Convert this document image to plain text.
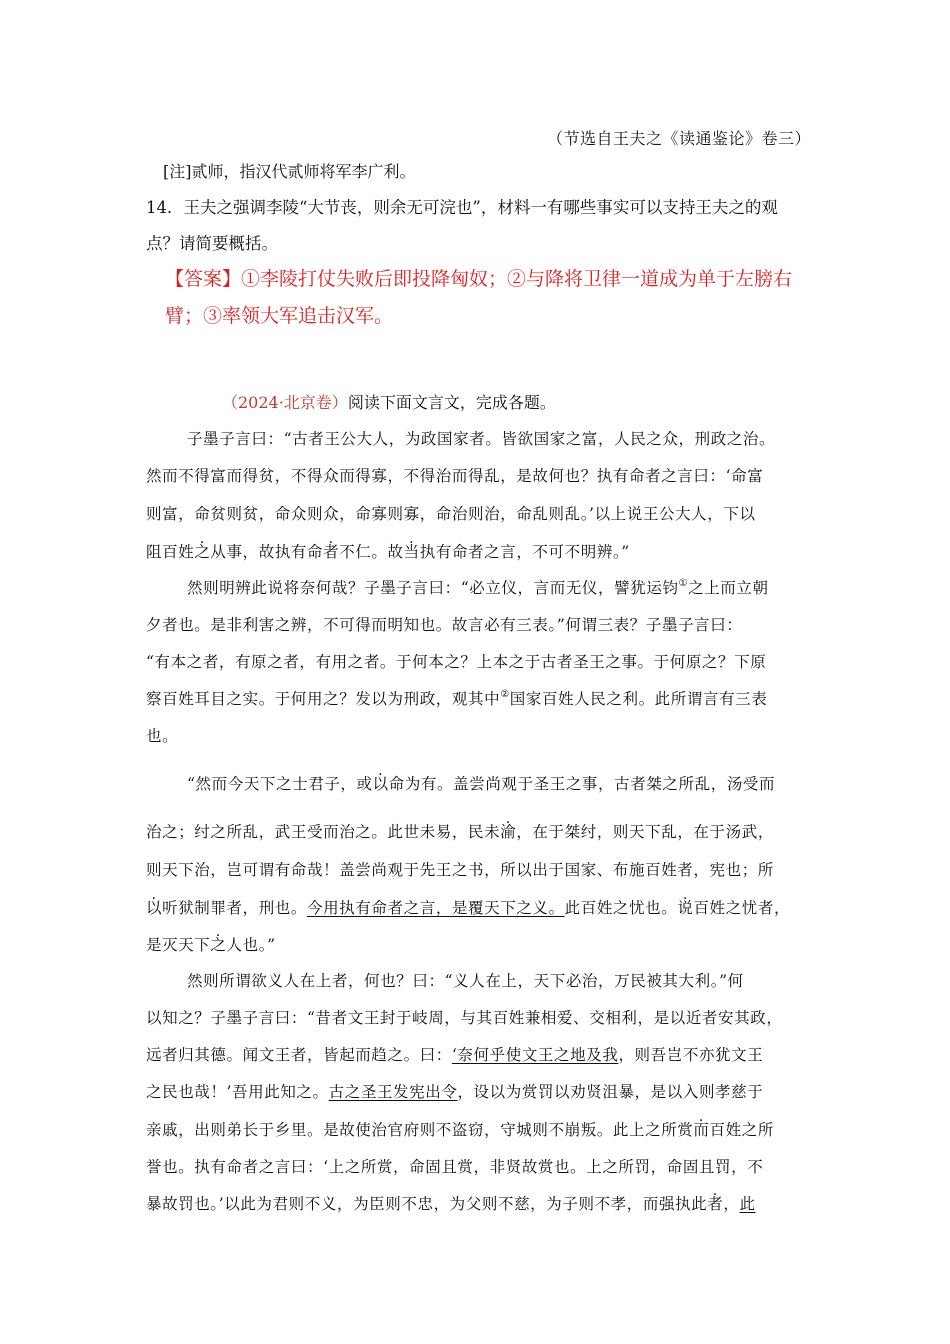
（节选自王夫之《读通鉴论》卷三）
[注]贰师，指汉代贰师将军李广利。
14．王夫之强调李陵“大节丧，则余无可浣也”，材料一有哪些事实可以支持王夫之的观
点？请简要概括。
【答案】①李陵打仗失败后即投降匈奴；②与降将卫律一道成为单于左膀右
臂；③率领大军追击汉军。
（2024·北京卷）阅读下面文言文，完成各题。
子墨子言曰：“古者王公大人，为政国家者。皆欲国家之富，人民之众，刑政之治。
然而不得富而得贫，不得众而得寡，不得治而得乱，是故何也？执有命者之言曰：‘命富
则富，命贫则贫，命众则众，命寡则寡，命治则治，命乱则乱。’以上说王公大人，下以
阻百姓之从事，故执有命者不仁。故当执有命者之言，不可不明辨。”
然则明辨此说将奈何哉？子墨子言曰：“必立仪，言而无仪，譬犹运钧①之上而立朝
夕者也。是非利害之辨，不可得而明知也。故言必有三表。”何谓三表？子墨子言曰：
“有本之者，有原之者，有用之者。于何本之？上本之于古者圣王之事。于何原之？下原
察百姓耳目之实。于何用之？发以为刑政，观其中②国家百姓人民之利。此所谓言有三表
也。
“然而今天下之士君子，或以命为有。盖尝尚观于圣王之事，古者桀之所乱，汤受而
治之；纣之所乱，武王受而治之。此世未易，民未渝，在于桀纣，则天下乱，在于汤武，
则天下治，岂可谓有命哉！盖尝尚观于先王之书，所以出于国家、布施百姓者，宪也；所
以听狱制罪者，刑也。今用执有命者之言，是覆天下之义。此百姓之忧也。说百姓之忧者，
是灭天下之人也。”
然则所谓欲义人在上者，何也？曰：“义人在上，天下必治，万民被其大利。”何
以知之？子墨子言曰：“昔者文王封于岐周，与其百姓兼相爱、交相利，是以近者安其政，
远者归其德。闻文王者，皆起而趋之。曰：‘奈何乎使文王之地及我，则吾岂不亦犹文王
之民也哉！’吾用此知之。古之圣王发宪出令，设以为赏罚以劝贤沮暴，是以入则孝慈于
亲戚，出则弟长于乡里。是故使治官府则不盗窃，守城则不崩叛。此上之所赏而百姓之所
誉也。执有命者之言曰：‘上之所赏，命固且赏，非贤故赏也。上之所罚，命固且罚，不
暴故罚也。’以此为君则不义，为臣则不忠，为父则不慈，为子则不孝，而强执此者，此
